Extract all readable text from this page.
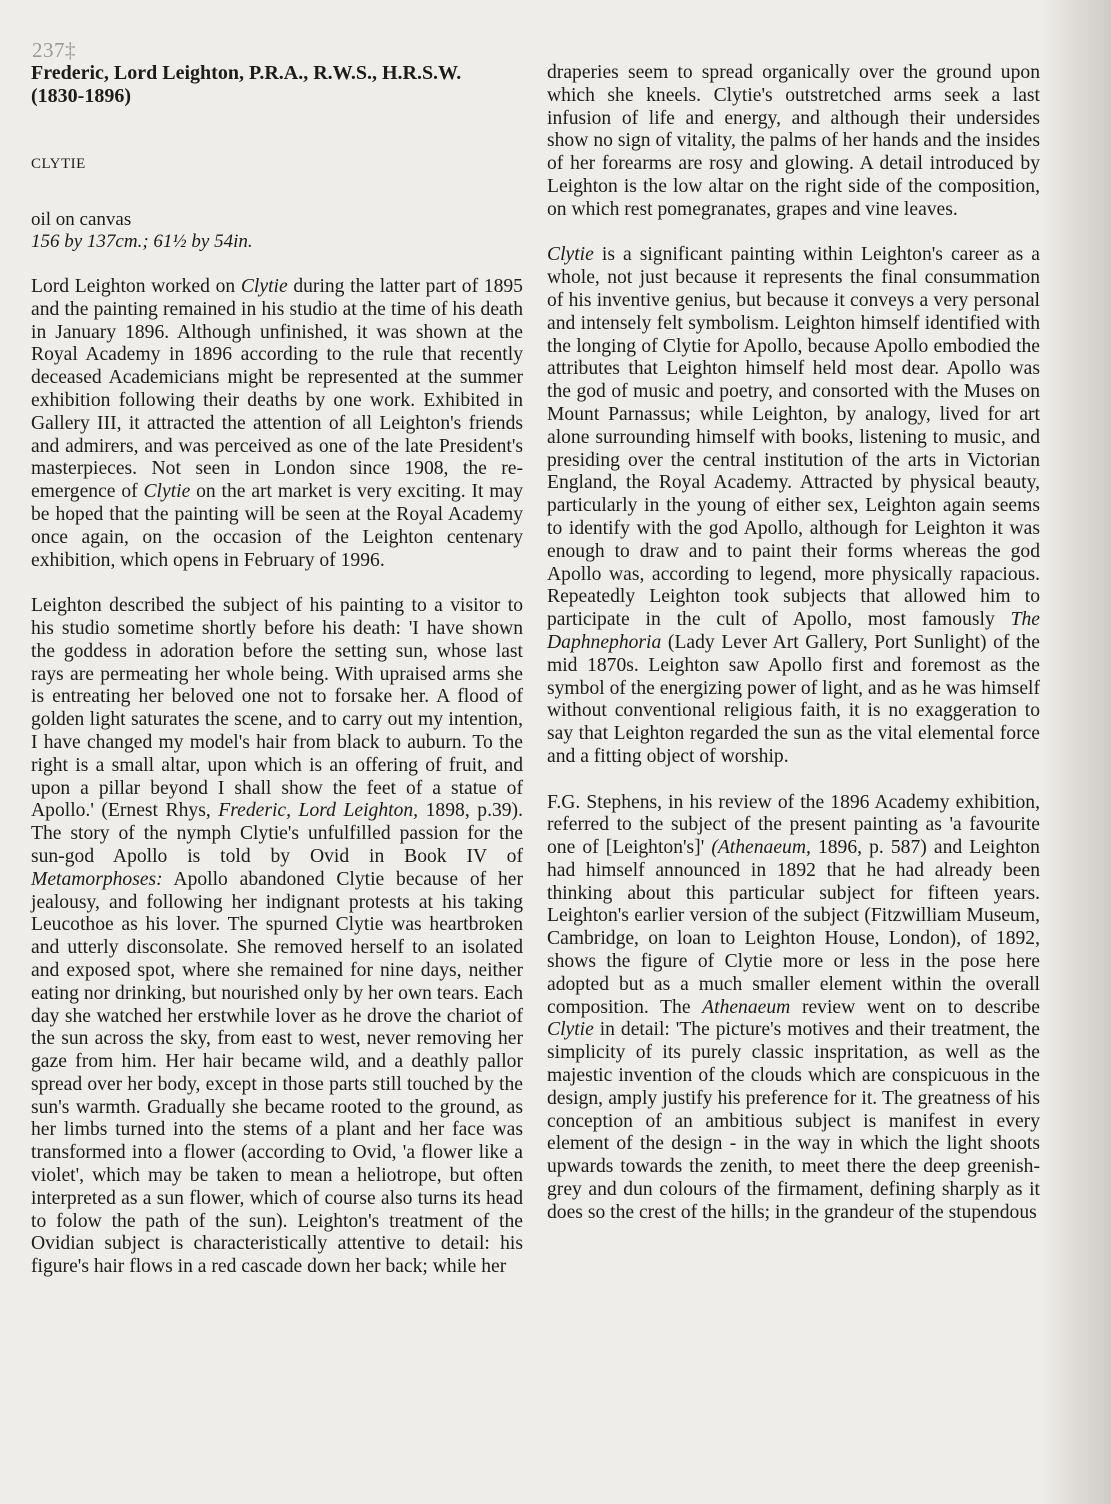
237‡

Frederic, Lord Leighton, P.R.A., R.W.S., H.R.S.W.
(1830-1896)

CLYTIE
oil on canvas
156 by 137cm.; 61½ by 54in.

Lord Leighton worked on Clytie during the latter part of 1895 and the painting remained in his studio at the time of his death in January 1896. Although unfinished, it was shown at the Royal Academy in 1896 according to the rule that recently deceased Academicians might be represented at the summer exhibition following their deaths by one work. Exhibited in Gallery III, it attracted the attention of all Leighton's friends and admirers, and was perceived as one of the late President's masterpieces. Not seen in London since 1908, the re-emergence of Clytie on the art market is very exciting. It may be hoped that the painting will be seen at the Royal Academy once again, on the occasion of the Leighton centenary exhibition, which opens in February of 1996.

Leighton described the subject of his painting to a visitor to his studio sometime shortly before his death: 'I have shown the goddess in adoration before the setting sun, whose last rays are permeating her whole being. With upraised arms she is entreating her beloved one not to forsake her. A flood of golden light saturates the scene, and to carry out my intention, I have changed my model's hair from black to auburn. To the right is a small altar, upon which is an offering of fruit, and upon a pillar beyond I shall show the feet of a statue of Apollo.' (Ernest Rhys, Frederic, Lord Leighton, 1898, p.39). The story of the nymph Clytie's unfulfilled passion for the sun-god Apollo is told by Ovid in Book IV of Metamorphoses: Apollo abandoned Clytie because of her jealousy, and following her indignant protests at his taking Leucothoe as his lover. The spurned Clytie was heartbroken and utterly disconsolate. She removed herself to an isolated and exposed spot, where she remained for nine days, neither eating nor drinking, but nourished only by her own tears. Each day she watched her erstwhile lover as he drove the chariot of the sun across the sky, from east to west, never removing her gaze from him. Her hair became wild, and a deathly pallor spread over her body, except in those parts still touched by the sun's warmth. Gradually she became rooted to the ground, as her limbs turned into the stems of a plant and her face was transformed into a flower (according to Ovid, 'a flower like a violet', which may be taken to mean a heliotrope, but often interpreted as a sun flower, which of course also turns its head to folow the path of the sun). Leighton's treatment of the Ovidian subject is characteristically attentive to detail: his figure's hair flows in a red cascade down her back; while her

draperies seem to spread organically over the ground upon which she kneels. Clytie's outstretched arms seek a last infusion of life and energy, and although their undersides show no sign of vitality, the palms of her hands and the insides of her forearms are rosy and glowing. A detail introduced by Leighton is the low altar on the right side of the composition, on which rest pomegranates, grapes and vine leaves.

Clytie is a significant painting within Leighton's career as a whole, not just because it represents the final consummation of his inventive genius, but because it conveys a very personal and intensely felt symbolism. Leighton himself identified with the longing of Clytie for Apollo, because Apollo embodied the attributes that Leighton himself held most dear. Apollo was the god of music and poetry, and consorted with the Muses on Mount Parnassus; while Leighton, by analogy, lived for art alone surrounding himself with books, listening to music, and presiding over the central institution of the arts in Victorian England, the Royal Academy. Attracted by physical beauty, particularly in the young of either sex, Leighton again seems to identify with the god Apollo, although for Leighton it was enough to draw and to paint their forms whereas the god Apollo was, according to legend, more physically rapacious. Repeatedly Leighton took subjects that allowed him to participate in the cult of Apollo, most famously The Daphnephoria (Lady Lever Art Gallery, Port Sunlight) of the mid 1870s. Leighton saw Apollo first and foremost as the symbol of the energizing power of light, and as he was himself without conventional religious faith, it is no exaggeration to say that Leighton regarded the sun as the vital elemental force and a fitting object of worship.

F.G. Stephens, in his review of the 1896 Academy exhibition, referred to the subject of the present painting as 'a favourite one of [Leighton's]' (Athenaeum, 1896, p. 587) and Leighton had himself announced in 1892 that he had already been thinking about this particular subject for fifteen years. Leighton's earlier version of the subject (Fitzwilliam Museum, Cambridge, on loan to Leighton House, London), of 1892, shows the figure of Clytie more or less in the pose here adopted but as a much smaller element within the overall composition. The Athenaeum review went on to describe Clytie in detail: 'The picture's motives and their treatment, the simplicity of its purely classic inspritation, as well as the majestic invention of the clouds which are conspicuous in the design, amply justify his preference for it. The greatness of his conception of an ambitious subject is manifest in every element of the design - in the way in which the light shoots upwards towards the zenith, to meet there the deep greenish-grey and dun colours of the firmament, defining sharply as it does so the crest of the hills; in the grandeur of the stupendous
